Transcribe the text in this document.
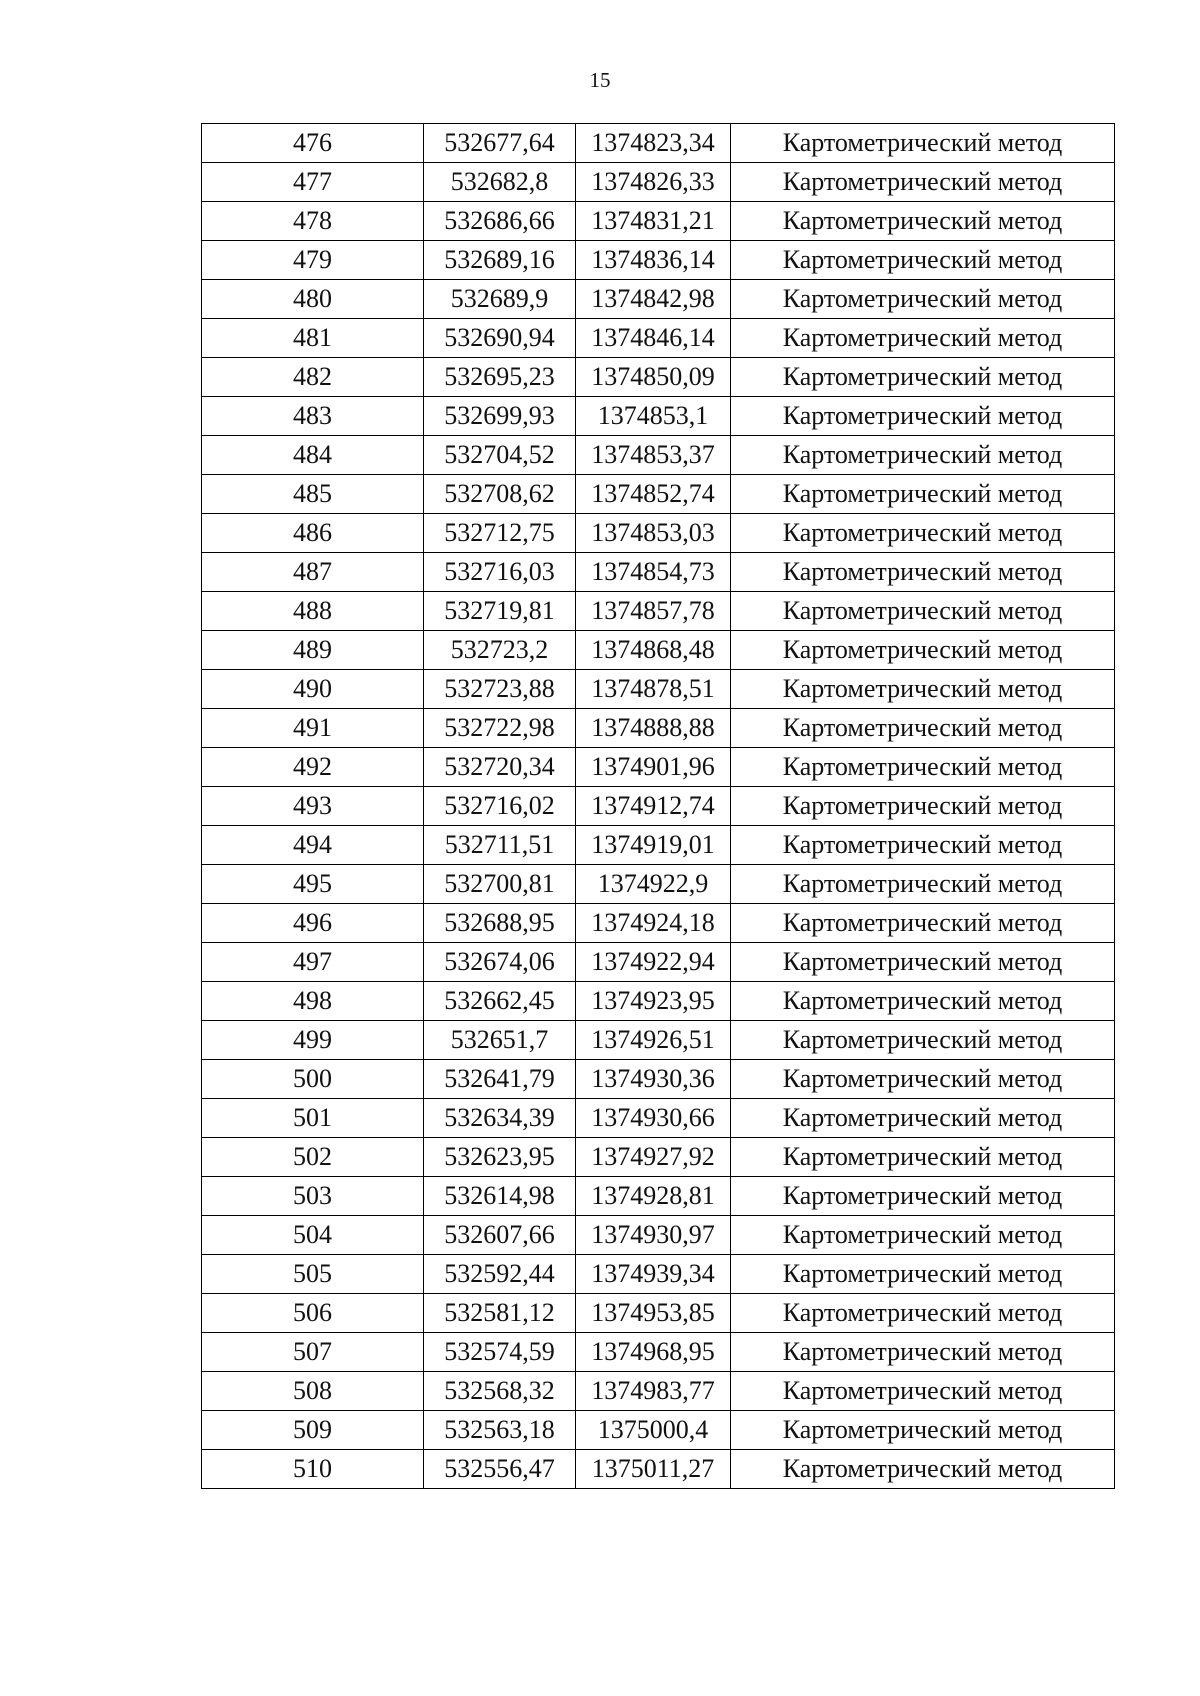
15
476	532677,64	1374823,34	Картометрический метод
477	532682,8	1374826,33	Картометрический метод
478	532686,66	1374831,21	Картометрический метод
479	532689,16	1374836,14	Картометрический метод
480	532689,9	1374842,98	Картометрический метод
481	532690,94	1374846,14	Картометрический метод
482	532695,23	1374850,09	Картометрический метод
483	532699,93	1374853,1	Картометрический метод
484	532704,52	1374853,37	Картометрический метод
485	532708,62	1374852,74	Картометрический метод
486	532712,75	1374853,03	Картометрический метод
487	532716,03	1374854,73	Картометрический метод
488	532719,81	1374857,78	Картометрический метод
489	532723,2	1374868,48	Картометрический метод
490	532723,88	1374878,51	Картометрический метод
491	532722,98	1374888,88	Картометрический метод
492	532720,34	1374901,96	Картометрический метод
493	532716,02	1374912,74	Картометрический метод
494	532711,51	1374919,01	Картометрический метод
495	532700,81	1374922,9	Картометрический метод
496	532688,95	1374924,18	Картометрический метод
497	532674,06	1374922,94	Картометрический метод
498	532662,45	1374923,95	Картометрический метод
499	532651,7	1374926,51	Картометрический метод
500	532641,79	1374930,36	Картометрический метод
501	532634,39	1374930,66	Картометрический метод
502	532623,95	1374927,92	Картометрический метод
503	532614,98	1374928,81	Картометрический метод
504	532607,66	1374930,97	Картометрический метод
505	532592,44	1374939,34	Картометрический метод
506	532581,12	1374953,85	Картометрический метод
507	532574,59	1374968,95	Картометрический метод
508	532568,32	1374983,77	Картометрический метод
509	532563,18	1375000,4	Картометрический метод
510	532556,47	1375011,27	Картометрический метод
